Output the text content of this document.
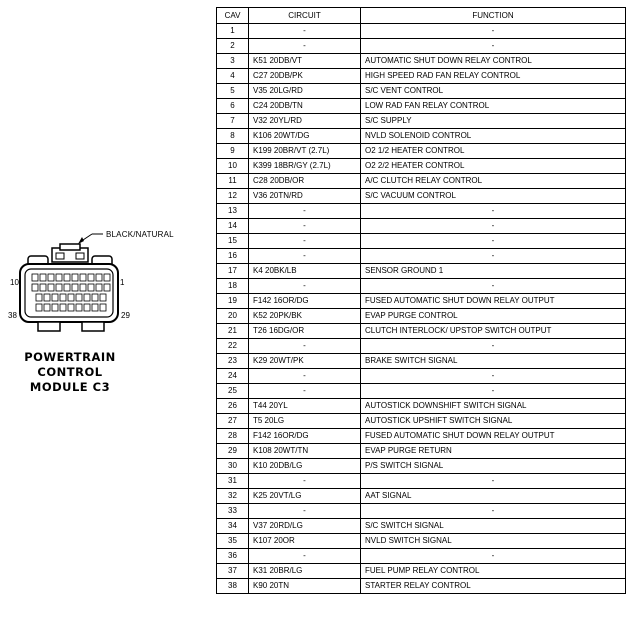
BLACK/NATURAL
10	1
38	29
POWERTRAIN
CONTROL
MODULE C3
CAV	CIRCUIT	FUNCTION
1	-	-
2	-	-
3	K51 20DB/VT	AUTOMATIC SHUT DOWN RELAY CONTROL
4	C27 20DB/PK	HIGH SPEED RAD FAN RELAY CONTROL
5	V35 20LG/RD	S/C VENT CONTROL
6	C24 20DB/TN	LOW RAD FAN RELAY CONTROL
7	V32 20YL/RD	S/C SUPPLY
8	K106 20WT/DG	NVLD SOLENOID CONTROL
9	K199 20BR/VT (2.7L)	O2 1/2 HEATER CONTROL
10	K399 18BR/GY (2.7L)	O2 2/2 HEATER CONTROL
11	C28 20DB/OR	A/C CLUTCH RELAY CONTROL
12	V36 20TN/RD	S/C VACUUM CONTROL
13	-	-
14	-	-
15	-	-
16	-	-
17	K4 20BK/LB	SENSOR GROUND 1
18	-	-
19	F142 16OR/DG	FUSED AUTOMATIC SHUT DOWN RELAY OUTPUT
20	K52 20PK/BK	EVAP PURGE CONTROL
21	T26 16DG/OR	CLUTCH INTERLOCK/ UPSTOP SWITCH OUTPUT
22	-	-
23	K29 20WT/PK	BRAKE SWITCH SIGNAL
24	-	-
25	-	-
26	T44 20YL	AUTOSTICK DOWNSHIFT SWITCH SIGNAL
27	T5 20LG	AUTOSTICK UPSHIFT SWITCH SIGNAL
28	F142 16OR/DG	FUSED AUTOMATIC SHUT DOWN RELAY OUTPUT
29	K108 20WT/TN	EVAP PURGE RETURN
30	K10 20DB/LG	P/S SWITCH SIGNAL
31	-	-
32	K25 20VT/LG	AAT SIGNAL
33	-	-
34	V37 20RD/LG	S/C SWITCH SIGNAL
35	K107 20OR	NVLD SWITCH SIGNAL
36	-	-
37	K31 20BR/LG	FUEL PUMP RELAY CONTROL
38	K90 20TN	STARTER RELAY CONTROL
